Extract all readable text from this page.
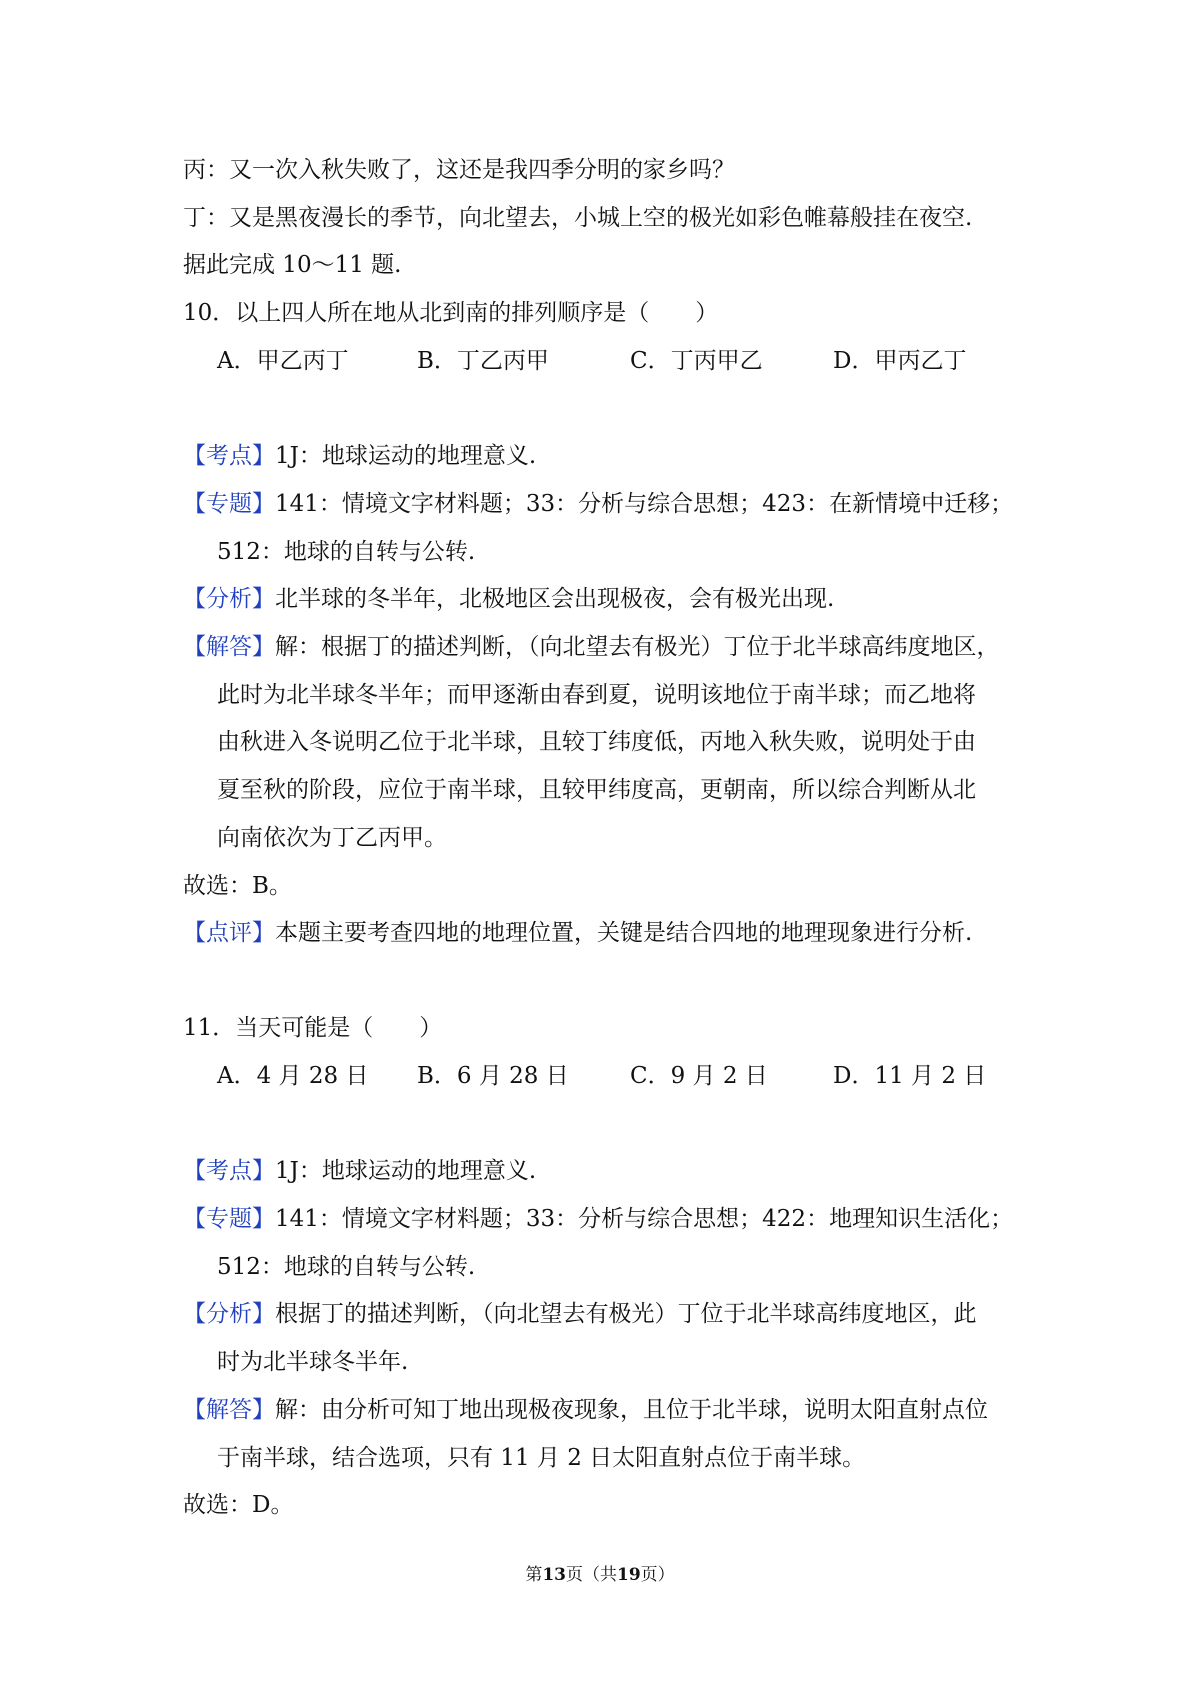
丙：又一次入秋失败了，这还是我四季分明的家乡吗？
丁：又是黑夜漫长的季节，向北望去，小城上空的极光如彩色帷幕般挂在夜空.
据此完成 10～11 题.
10．以上四人所在地从北到南的排列顺序是（　　）
A．甲乙丙丁	B．丁乙丙甲	C．丁丙甲乙	D．甲丙乙丁
【考点】1J：地球运动的地理意义.
【专题】141：情境文字材料题；33：分析与综合思想；423：在新情境中迁移；
512：地球的自转与公转.
【分析】北半球的冬半年，北极地区会出现极夜，会有极光出现.
【解答】解：根据丁的描述判断，（向北望去有极光）丁位于北半球高纬度地区，
此时为北半球冬半年；而甲逐渐由春到夏，说明该地位于南半球；而乙地将
由秋进入冬说明乙位于北半球，且较丁纬度低，丙地入秋失败，说明处于由
夏至秋的阶段，应位于南半球，且较甲纬度高，更朝南，所以综合判断从北
向南依次为丁乙丙甲。
故选：B。
【点评】本题主要考查四地的地理位置，关键是结合四地的地理现象进行分析.
11．当天可能是（　　）
A．4 月 28 日 B．6 月 28 日	C．9 月 2 日	D．11 月 2 日
【考点】1J：地球运动的地理意义.
【专题】141：情境文字材料题；33：分析与综合思想；422：地理知识生活化；
512：地球的自转与公转.
【分析】根据丁的描述判断，（向北望去有极光）丁位于北半球高纬度地区，此
时为北半球冬半年.
【解答】解：由分析可知丁地出现极夜现象，且位于北半球，说明太阳直射点位
于南半球，结合选项，只有 11 月 2 日太阳直射点位于南半球。
故选：D。
第13页（共19页）
